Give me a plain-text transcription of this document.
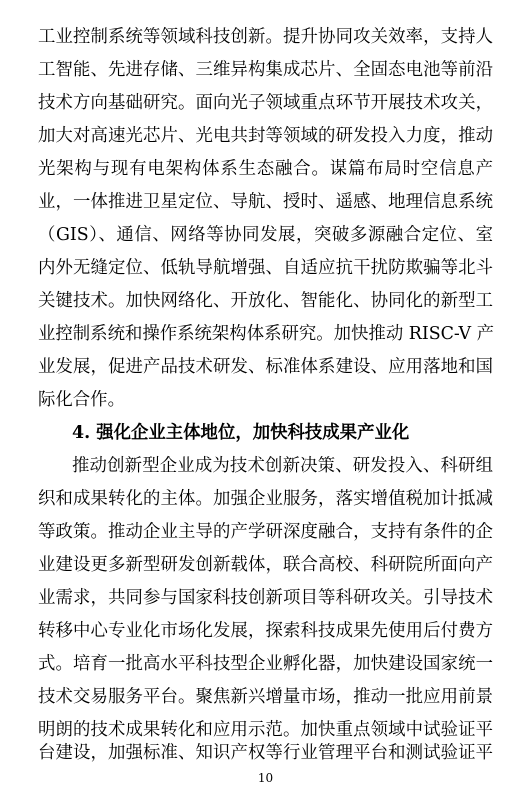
工业控制系统等领域科技创新。提升协同攻关效率，支持人
工智能、先进存储、三维异构集成芯片、全固态电池等前沿
技术方向基础研究。面向光子领域重点环节开展技术攻关，
加大对高速光芯片、光电共封等领域的研发投入力度，推动
光架构与现有电架构体系生态融合。谋篇布局时空信息产
业，一体推进卫星定位、导航、授时、遥感、地理信息系统
（GIS）、通信、网络等协同发展，突破多源融合定位、室
内外无缝定位、低轨导航增强、自适应抗干扰防欺骗等北斗
关键技术。加快网络化、开放化、智能化、协同化的新型工
业控制系统和操作系统架构体系研究。加快推动 RISC-V 产
业发展，促进产品技术研发、标准体系建设、应用落地和国
际化合作。
4. 强化企业主体地位，加快科技成果产业化
推动创新型企业成为技术创新决策、研发投入、科研组
织和成果转化的主体。加强企业服务，落实增值税加计抵减
等政策。推动企业主导的产学研深度融合，支持有条件的企
业建设更多新型研发创新载体，联合高校、科研院所面向产
业需求，共同参与国家科技创新项目等科研攻关。引导技术
转移中心专业化市场化发展，探索科技成果先使用后付费方
式。培育一批高水平科技型企业孵化器，加快建设国家统一
技术交易服务平台。聚焦新兴增量市场，推动一批应用前景
明朗的技术成果转化和应用示范。加快重点领域中试验证平
台建设，加强标准、知识产权等行业管理平台和测试验证平
10
